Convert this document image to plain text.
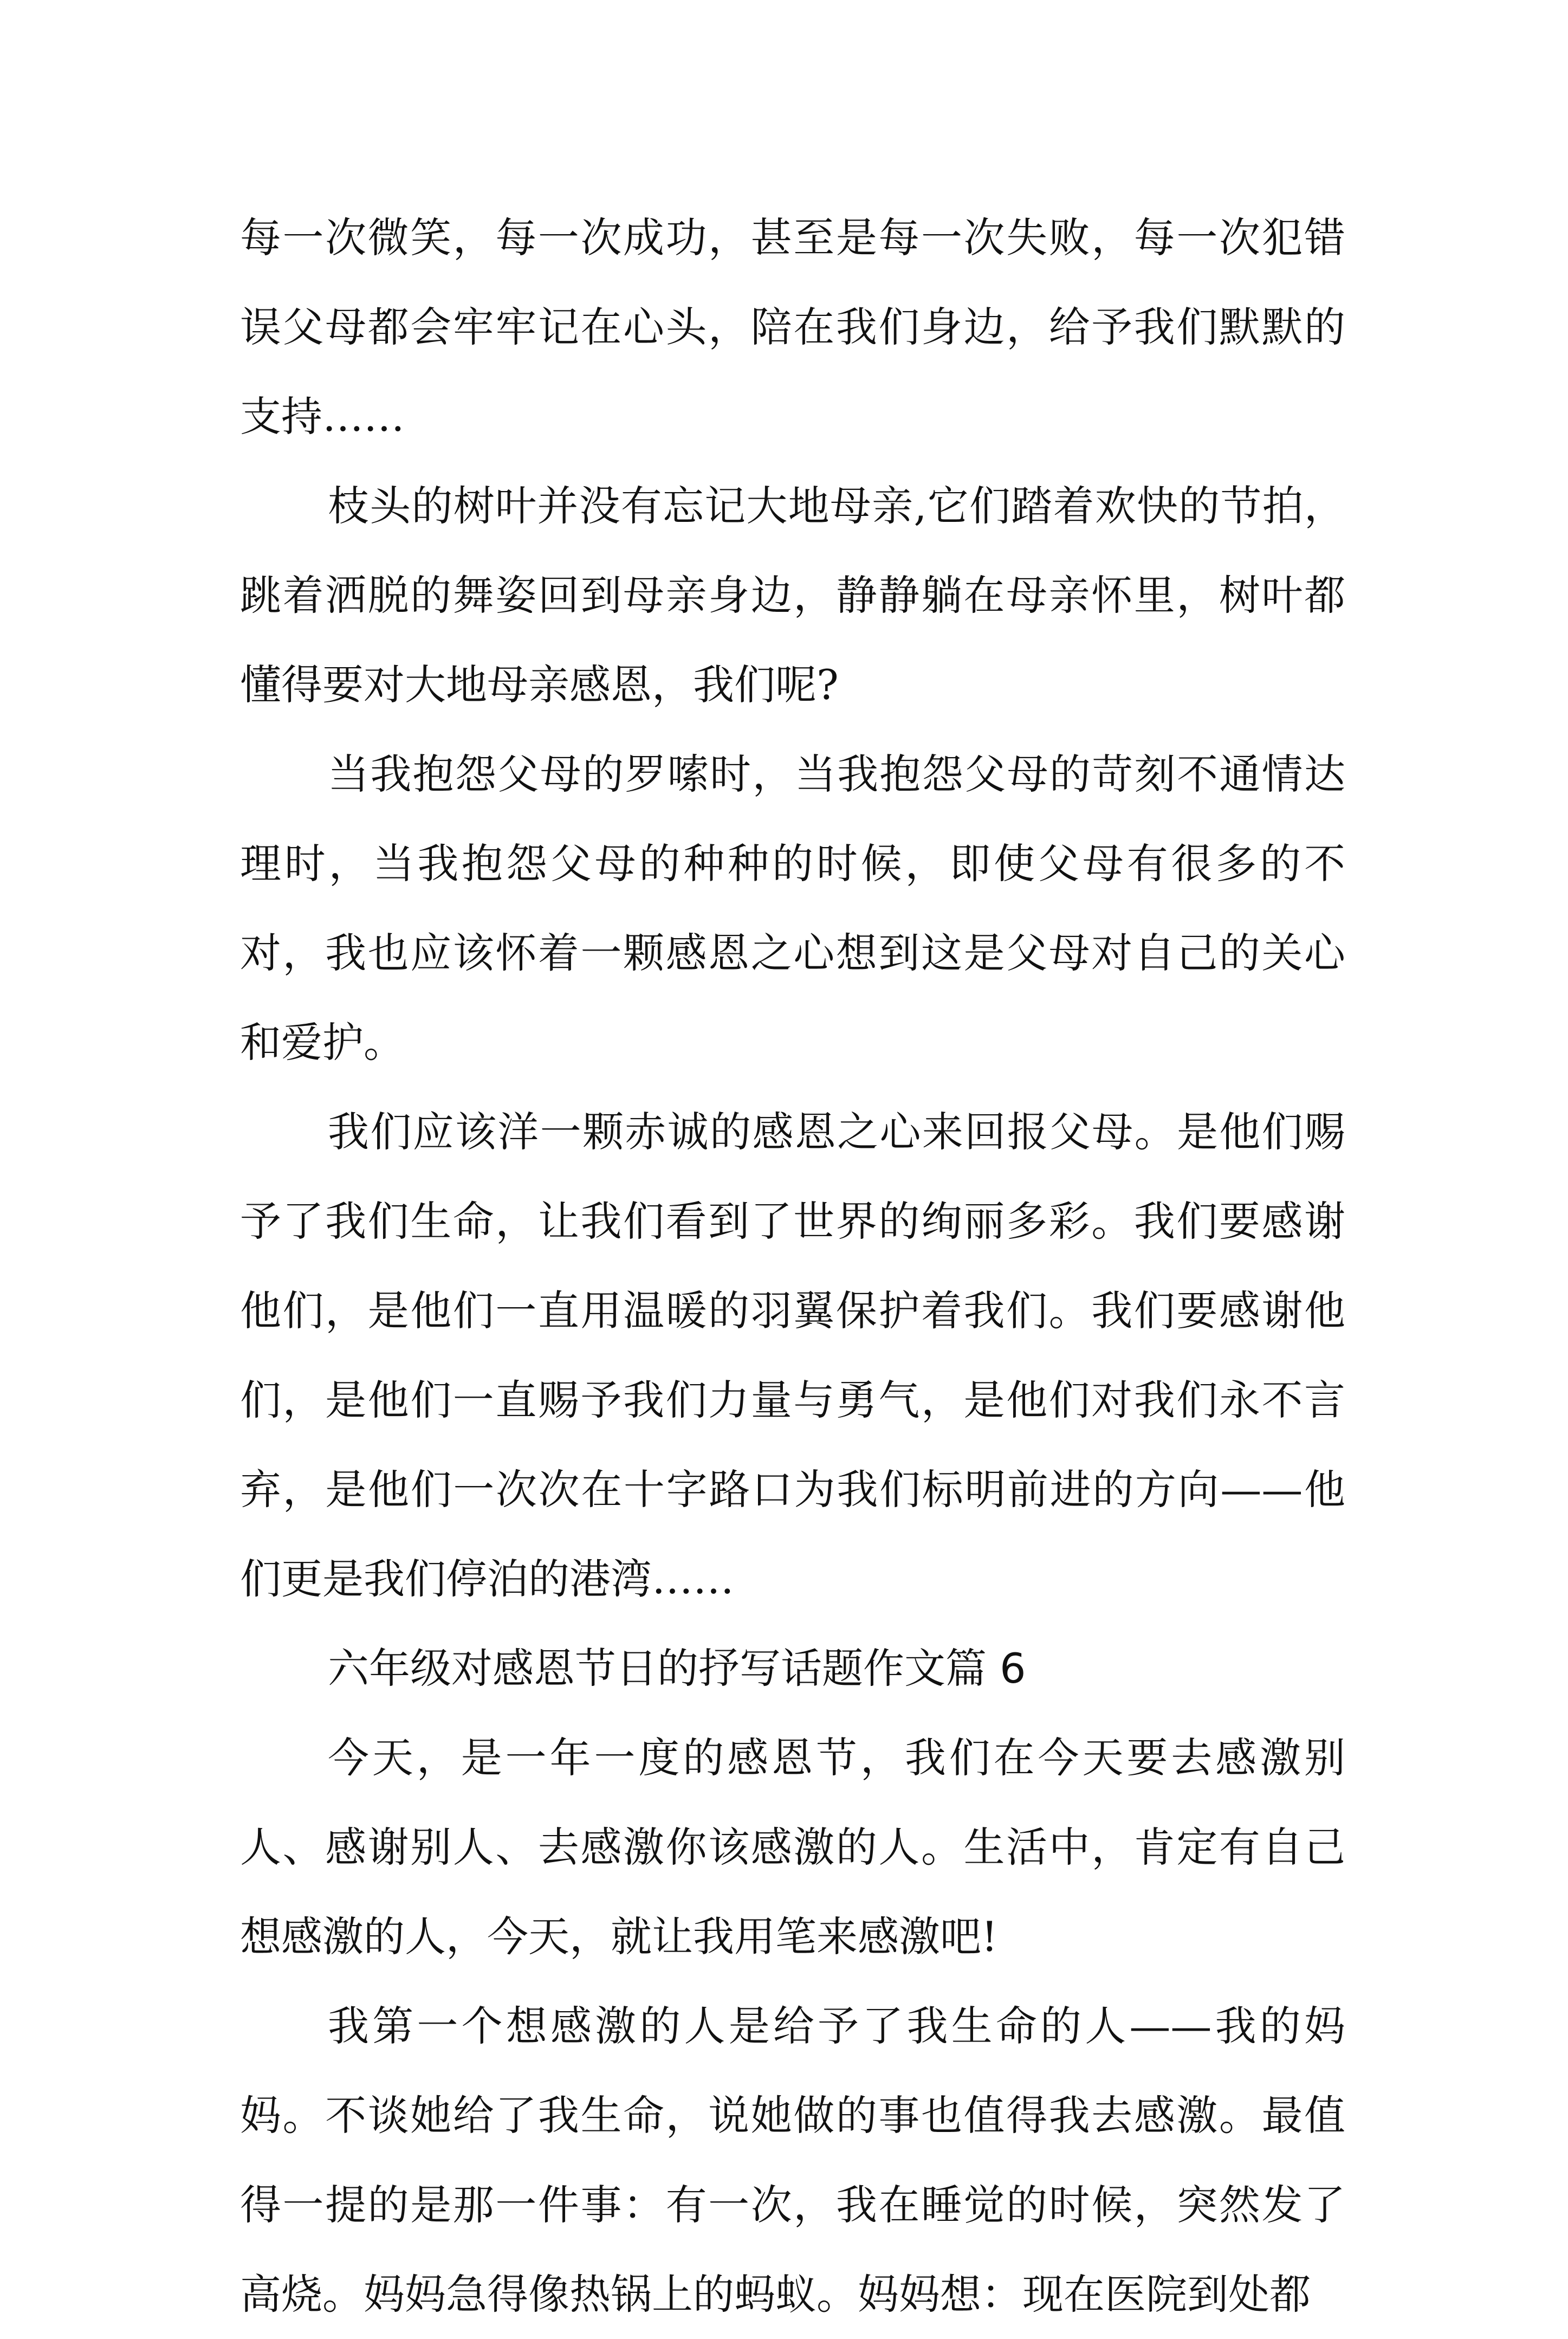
每一次微笑，每一次成功，甚至是每一次失败，每一次犯错误父母都会牢牢记在心头，陪在我们身边，给予我们默默的支持……

枝头的树叶并没有忘记大地母亲,它们踏着欢快的节拍，跳着洒脱的舞姿回到母亲身边，静静躺在母亲怀里，树叶都懂得要对大地母亲感恩，我们呢?

当我抱怨父母的罗嗦时，当我抱怨父母的苛刻不通情达理时，当我抱怨父母的种种的时候，即使父母有很多的不对，我也应该怀着一颗感恩之心想到这是父母对自己的关心和爱护。

我们应该洋一颗赤诚的感恩之心来回报父母。是他们赐予了我们生命，让我们看到了世界的绚丽多彩。我们要感谢他们，是他们一直用温暖的羽翼保护着我们。我们要感谢他们，是他们一直赐予我们力量与勇气，是他们对我们永不言弃，是他们一次次在十字路口为我们标明前进的方向——他们更是我们停泊的港湾……

六年级对感恩节日的抒写话题作文篇 6

今天，是一年一度的感恩节，我们在今天要去感激别人、感谢别人、去感激你该感激的人。生活中，肯定有自己想感激的人，今天，就让我用笔来感激吧!

我第一个想感激的人是给予了我生命的人——我的妈妈。不谈她给了我生命，说她做的事也值得我去感激。最值得一提的是那一件事：有一次，我在睡觉的时候，突然发了高烧。妈妈急得像热锅上的蚂蚁。妈妈想：现在医院到处都
